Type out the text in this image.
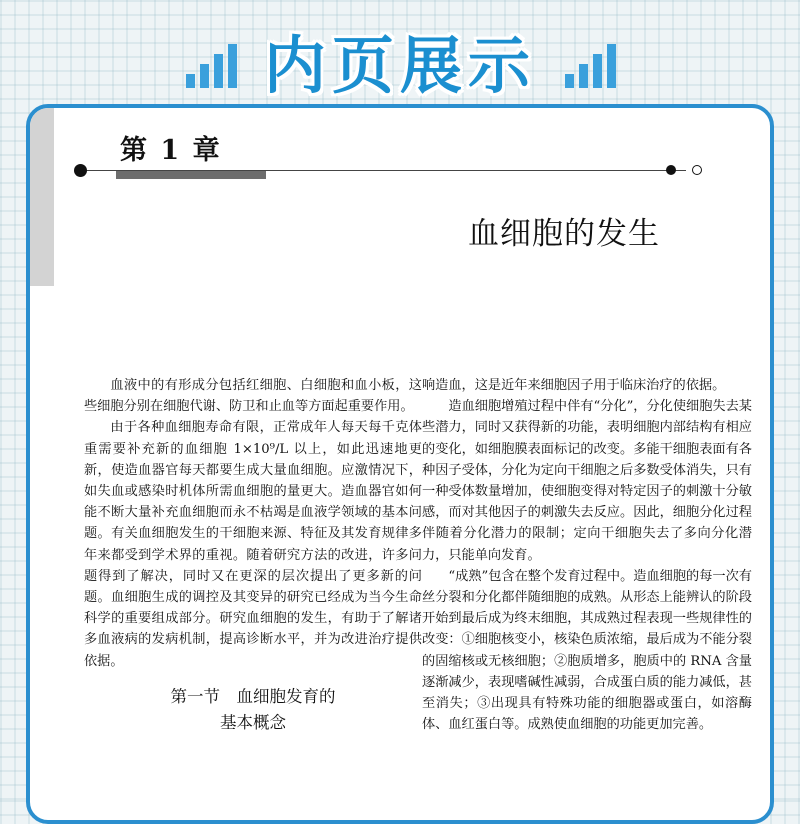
内页展示
第 1 章
血细胞的发生

血液中的有形成分包括红细胞、白细胞和血小板，这些细胞分别在细胞代谢、防卫和止血等方面起重要作用。

由于各种血细胞寿命有限，正常成年人每天每千克体重需要补充新的血细胞 1×10⁹/L 以上，如此迅速地更新，使造血器官每天都要生成大量血细胞。应激情况下，如失血或感染时机体所需血细胞的量更大。造血器官如何能不断大量补充血细胞而永不枯竭是血液学领域的基本问题。有关血细胞发生的干细胞来源、特征及其发育规律多年来都受到学术界的重视。随着研究方法的改进，许多问题得到了解决，同时又在更深的层次提出了更多新的问题。血细胞生成的调控及其变异的研究已经成为当今生命科学的重要组成部分。研究血细胞的发生，有助于了解诸多血液病的发病机制，提高诊断水平，并为改进治疗提供依据。

第一节　血细胞发育的
基本概念

响造血，这是近年来细胞因子用于临床治疗的依据。

造血细胞增殖过程中伴有“分化”，分化使细胞失去某些潜力，同时又获得新的功能，表明细胞内部结构有相应的变化，如细胞膜表面标记的改变。多能干细胞表面有各种因子受体，分化为定向干细胞之后多数受体消失，只有一种受体数量增加，使细胞变得对特定因子的刺激十分敏感，而对其他因子的刺激失去反应。因此，细胞分化过程伴随着分化潜力的限制；定向干细胞失去了多向分化潜力，只能单向发育。

“成熟”包含在整个发育过程中。造血细胞的每一次有丝分裂和分化都伴随细胞的成熟。从形态上能辨认的阶段开始到最后成为终末细胞，其成熟过程表现一些规律性的改变：①细胞核变小，核染色质浓缩，最后成为不能分裂的固缩核或无核细胞；②胞质增多，胞质中的 RNA 含量逐渐减少，表现嗜碱性减弱，合成蛋白质的能力减低，甚至消失；③出现具有特殊功能的细胞器或蛋白，如溶酶体、血红蛋白等。成熟使血细胞的功能更加完善。
